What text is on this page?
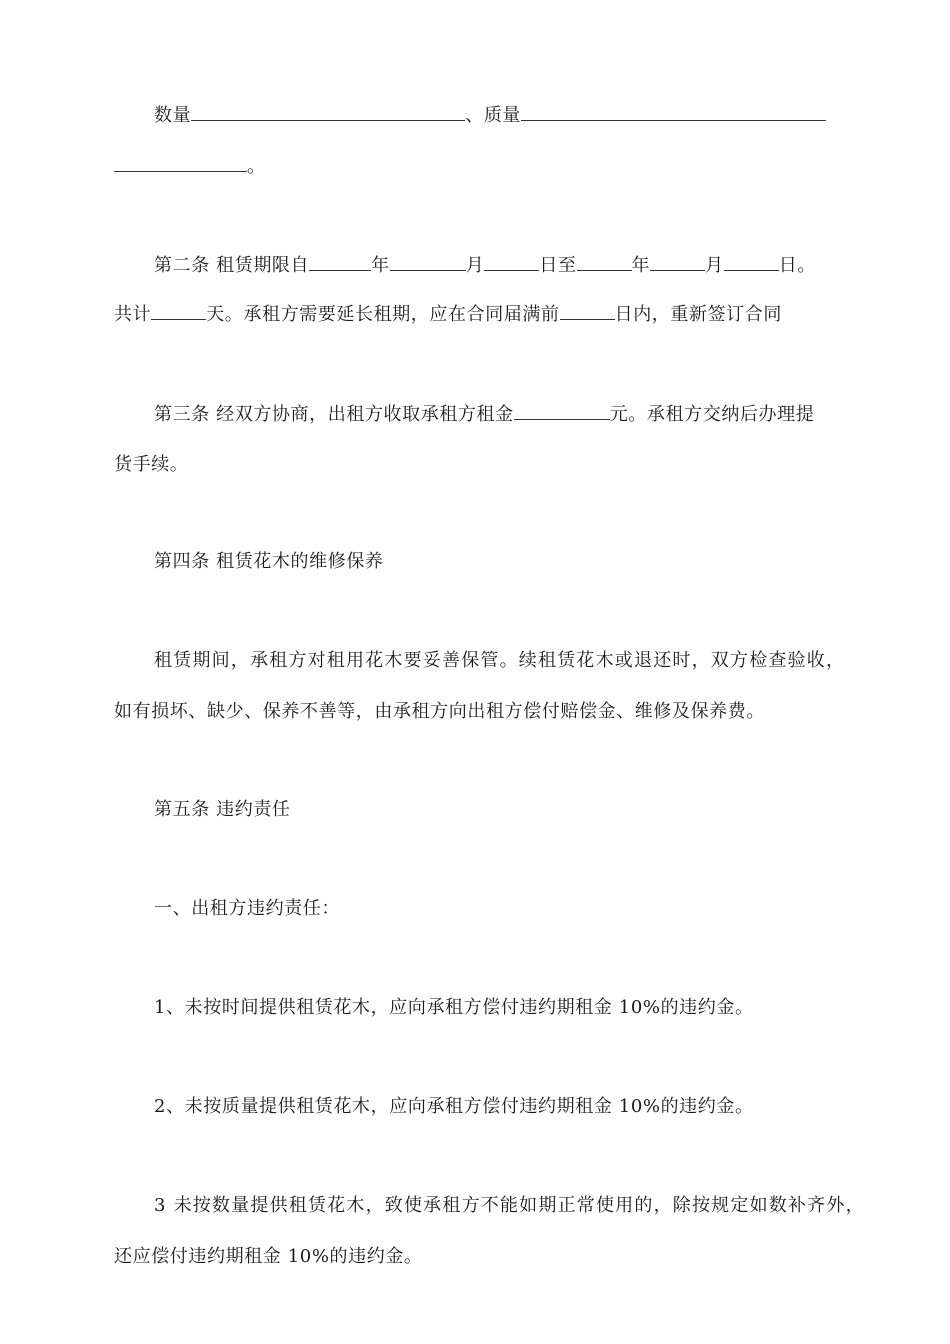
数量	、质量
。
第二条 租赁期限自	年	月	日至	年	月	日。
共计	天。承租方需要延长租期，应在合同届满前	日内，重新签订合同
第三条 经双方协商，出租方收取承租方租金	元。承租方交纳后办理提
货手续。
第四条 租赁花木的维修保养
租赁期间，承租方对租用花木要妥善保管。续租赁花木或退还时，双方检查验收，
如有损坏、缺少、保养不善等，由承租方向出租方偿付赔偿金、维修及保养费。
第五条 违约责任
一、出租方违约责任：
1、未按时间提供租赁花木，应向承租方偿付违约期租金 10%的违约金。
2、未按质量提供租赁花木，应向承租方偿付违约期租金 10%的违约金。
3 未按数量提供租赁花木，致使承租方不能如期正常使用的，除按规定如数补齐外，
还应偿付违约期租金 10%的违约金。
